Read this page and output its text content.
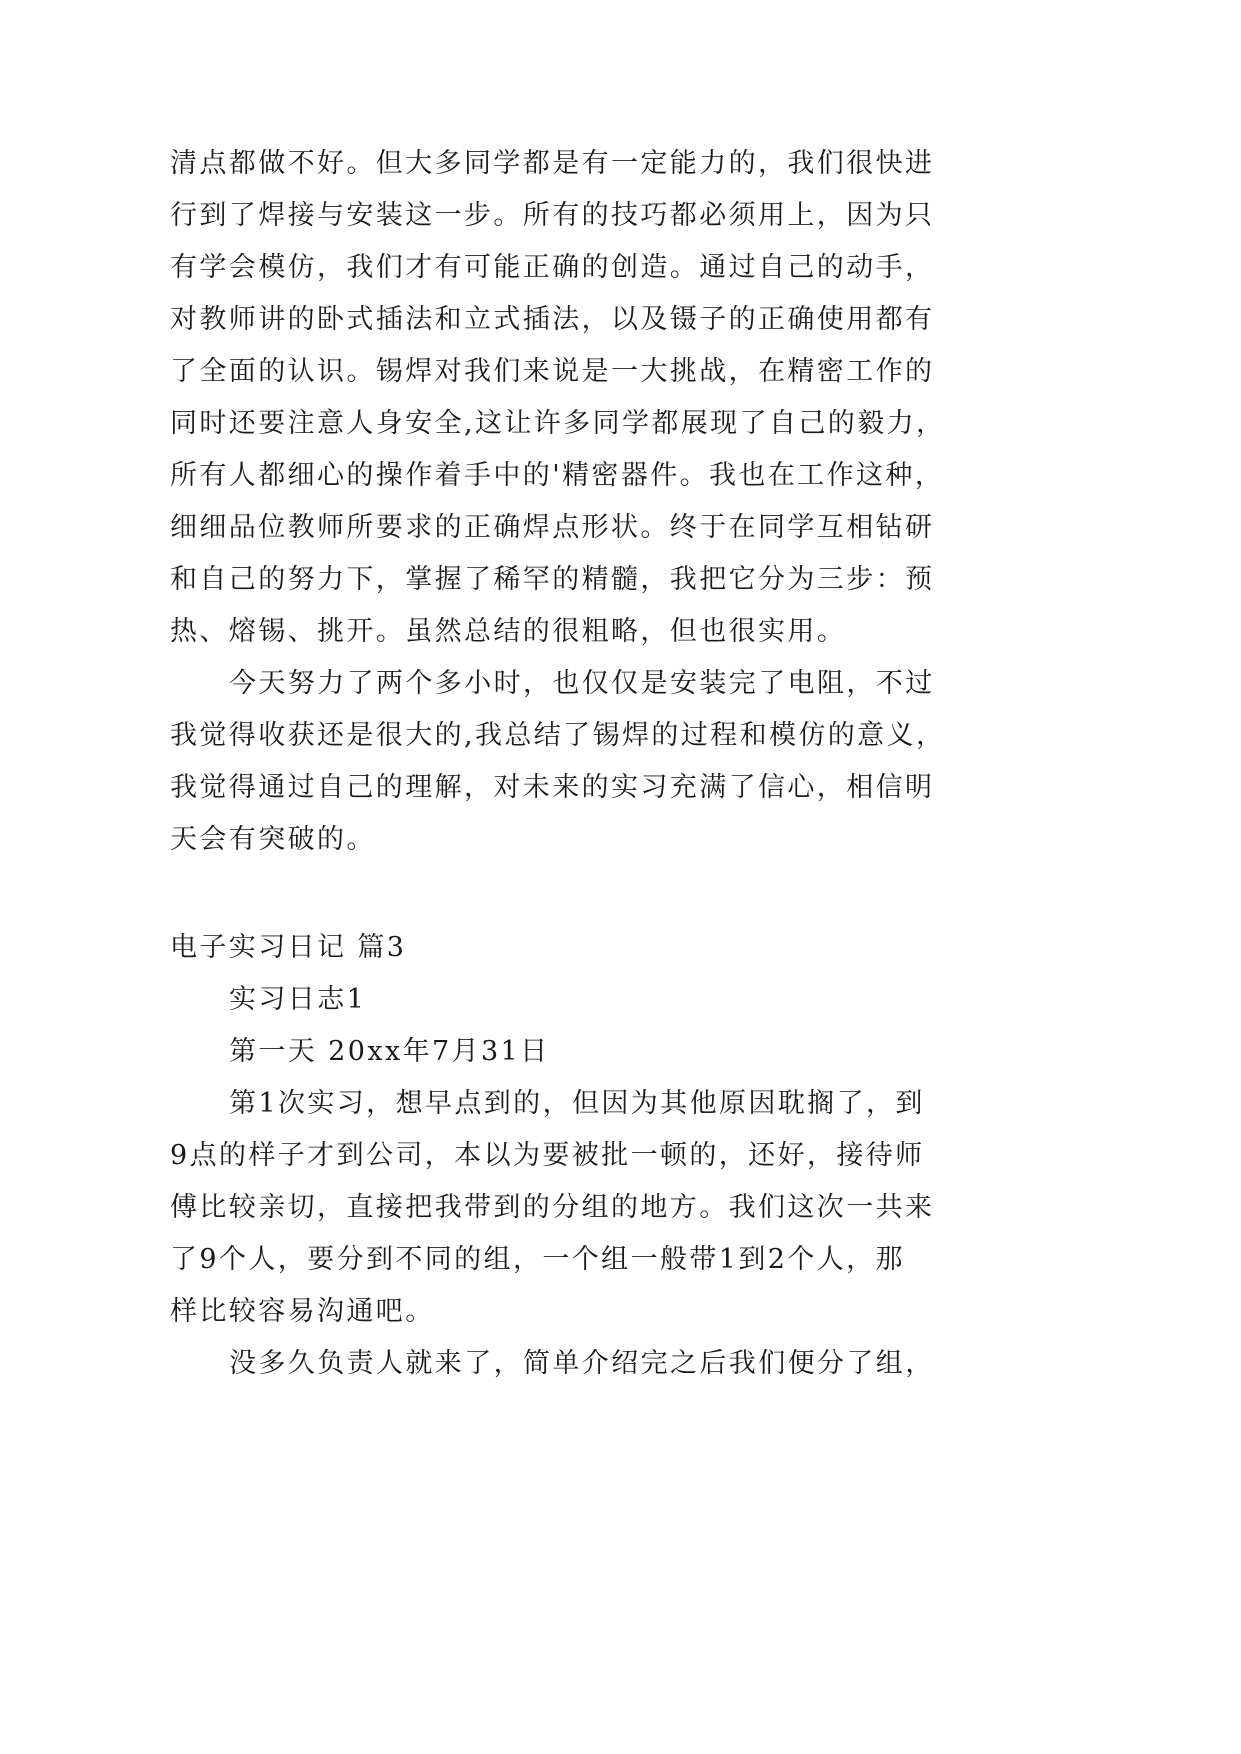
清点都做不好。但大多同学都是有一定能力的，我们很快进
行到了焊接与安装这一步。所有的技巧都必须用上，因为只
有学会模仿，我们才有可能正确的创造。通过自己的动手，
对教师讲的卧式插法和立式插法，以及镊子的正确使用都有
了全面的认识。锡焊对我们来说是一大挑战，在精密工作的
同时还要注意人身安全,这让许多同学都展现了自己的毅力，
所有人都细心的操作着手中的'精密器件。我也在工作这种，
细细品位教师所要求的正确焊点形状。终于在同学互相钻研
和自己的努力下，掌握了稀罕的精髓，我把它分为三步：预
热、熔锡、挑开。虽然总结的很粗略，但也很实用。
今天努力了两个多小时，也仅仅是安装完了电阻，不过
我觉得收获还是很大的,我总结了锡焊的过程和模仿的意义，
我觉得通过自己的理解，对未来的实习充满了信心，相信明
天会有突破的。
电子实习日记 篇3
实习日志1
第一天 20xx年7月31日
第1次实习，想早点到的，但因为其他原因耽搁了，到
9点的样子才到公司，本以为要被批一顿的，还好，接待师
傅比较亲切，直接把我带到的分组的地方。我们这次一共来
了9个人，要分到不同的组，一个组一般带1到2个人，那
样比较容易沟通吧。
没多久负责人就来了，简单介绍完之后我们便分了组，
